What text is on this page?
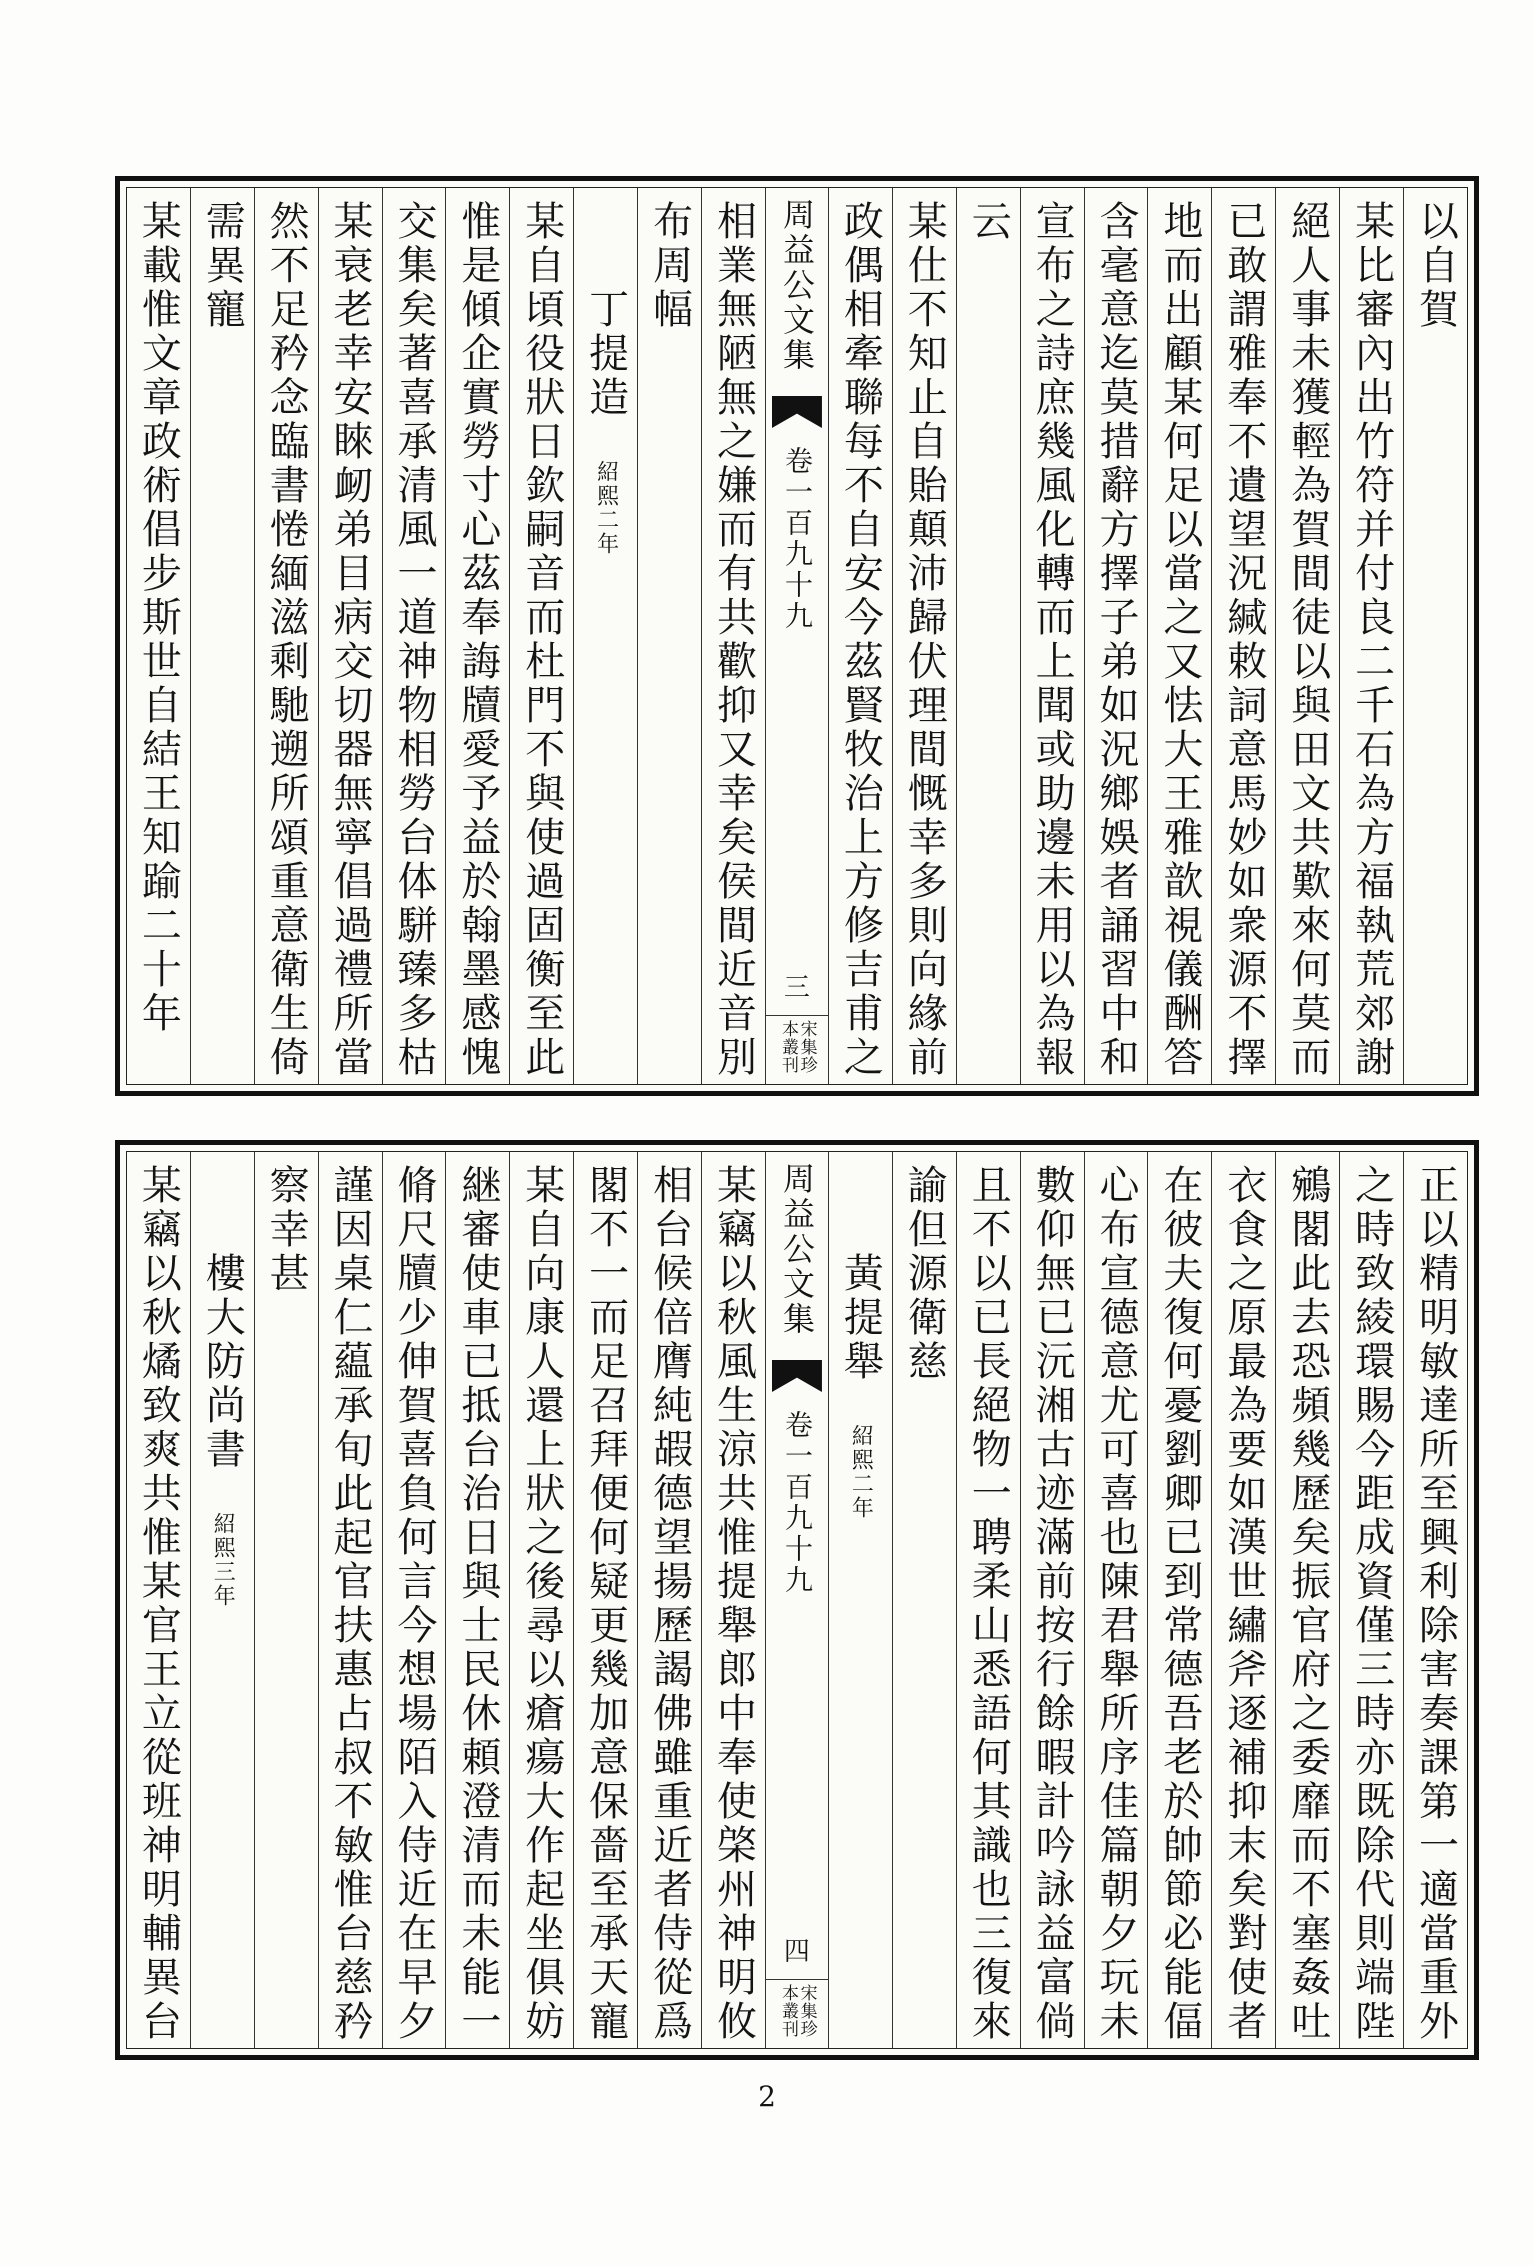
以自賀
某比審內出竹符并付良二千石為方福執荒郊謝
絕人事未獲輕為賀間徒以與田文共歎來何莫而
已敢謂雅奉不遺望況緘敕詞意馬妙如衆源不擇
地而出顧某何足以當之又怯大王雅歆視儀酬答
含毫意迄莫措辭方擇子弟如況鄉娛者誦習中和
宣布之詩庶幾風化轉而上聞或助邊未用以為報
云
某仕不知止自貽顛沛歸伏理間慨幸多則向緣前
政偶相牽聯每不自安今茲賢牧治上方修吉甫之
周益公文集
卷一百九十九
三
宋集珍
本叢刊
相業無陋無之嫌而有共歡抑又幸矣侯間近音別
布周幅
丁提造
紹熙二年
某自頃役狀日欽嗣音而杜門不與使過固衡至此
惟是傾企實勞寸心茲奉誨牘愛予益於翰墨感愧
交集矣著喜承清風一道神物相勞台体駢臻多枯
某衰老幸安睞衂弟目病交切器無寧倡過禮所當
然不足矜念臨書惓緬滋剩馳遡所頌重意衛生倚
需異寵
某載惟文章政術倡步斯世自結王知踰二十年
正以精明敏達所至興利除害奏課第一適當重外
之時致綾環賜今距成資僅三時亦既除代則端陛
鵷閣此去恐頻幾歷矣振官府之委靡而不塞姦吐
衣食之原最為要如漢世繡斧逐補抑末矣對使者
在彼夫復何憂劉卿已到常德吾老於帥節必能偪
心布宣德意尤可喜也陳君舉所序佳篇朝夕玩未
數仰無已沅湘古迹滿前按行餘暇計吟詠益富倘
且不以已長絕物一聘柔山悉語何其識也三復來
諭但源衛慈
黃提舉
紹熙二年
周益公文集
卷一百九十九
四
宋集珍
本叢刊
某竊以秋風生涼共惟提舉郎中奉使棨州神明攸
相台候倍膺純嘏德望揚歷謁佛雖重近者侍從爲
閣不一而足召拜便何疑更幾加意保嗇至承天寵
某自向康人還上狀之後尋以瘡瘍大作起坐俱妨
継審使車已抵台治日與士民休頼澄清而未能一
脩尺牘少伸賀喜負何言今想場陌入侍近在早夕
謹因桌仁藴承旬此起官扶惠占叔不敏惟台慈矜
察幸甚
樓大防尚書
紹熙三年
某竊以秋燏致爽共惟某官王立從班神明輔異台
2
